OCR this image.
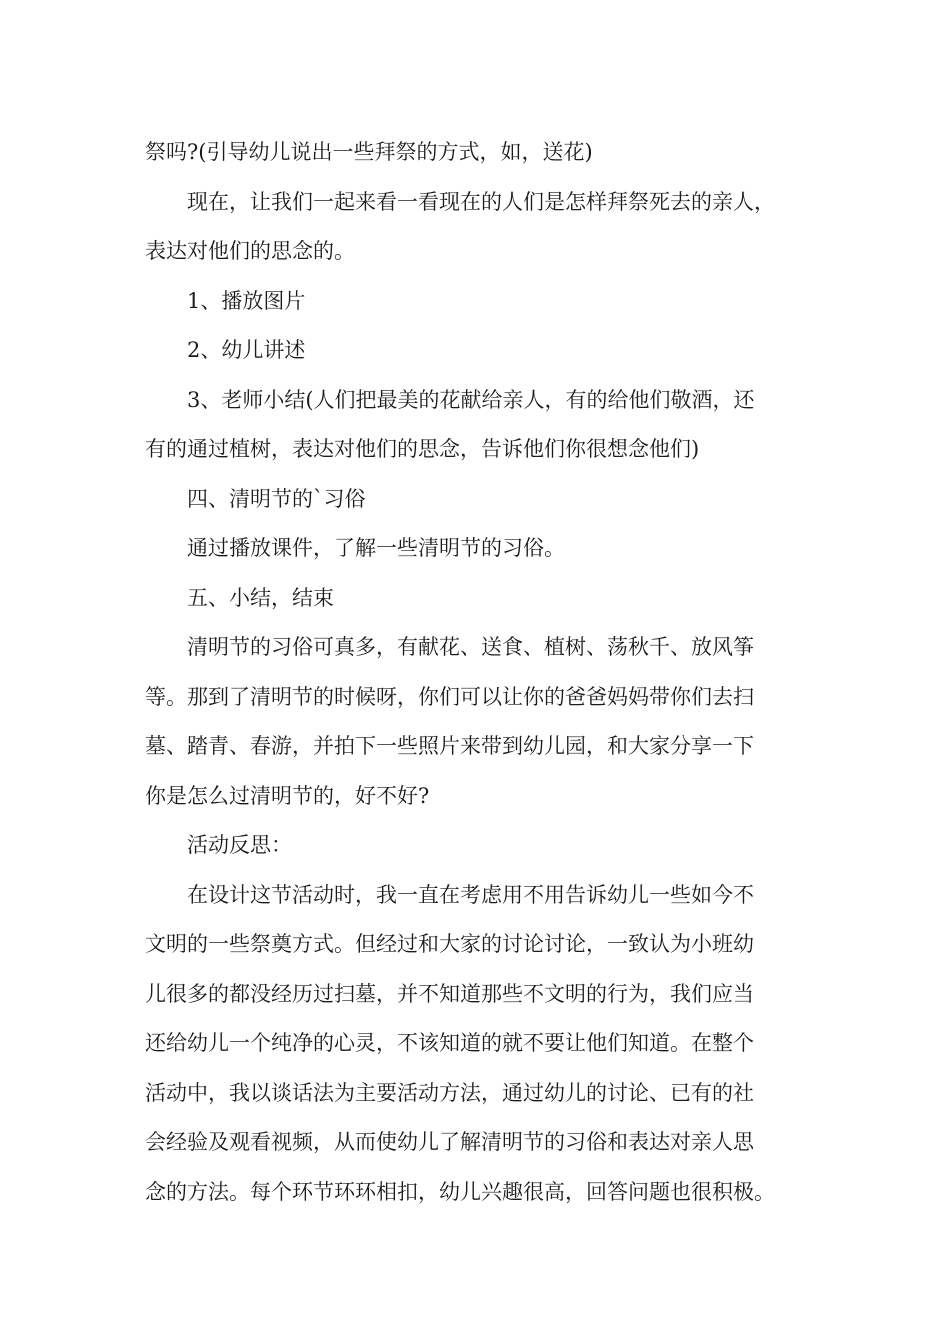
祭吗?(引导幼儿说出一些拜祭的方式，如，送花)
现在，让我们一起来看一看现在的人们是怎样拜祭死去的亲人，
表达对他们的思念的。
1、播放图片
2、幼儿讲述
3、老师小结(人们把最美的花献给亲人，有的给他们敬酒，还
有的通过植树，表达对他们的思念，告诉他们你很想念他们)
四、清明节的`习俗
通过播放课件，了解一些清明节的习俗。
五、小结，结束
清明节的习俗可真多，有献花、送食、植树、荡秋千、放风筝
等。那到了清明节的时候呀，你们可以让你的爸爸妈妈带你们去扫
墓、踏青、春游，并拍下一些照片来带到幼儿园，和大家分享一下
你是怎么过清明节的，好不好?
活动反思：
在设计这节活动时，我一直在考虑用不用告诉幼儿一些如今不
文明的一些祭奠方式。但经过和大家的讨论讨论，一致认为小班幼
儿很多的都没经历过扫墓，并不知道那些不文明的行为，我们应当
还给幼儿一个纯净的心灵，不该知道的就不要让他们知道。在整个
活动中，我以谈话法为主要活动方法，通过幼儿的讨论、已有的社
会经验及观看视频，从而使幼儿了解清明节的习俗和表达对亲人思
念的方法。每个环节环环相扣，幼儿兴趣很高，回答问题也很积极。
